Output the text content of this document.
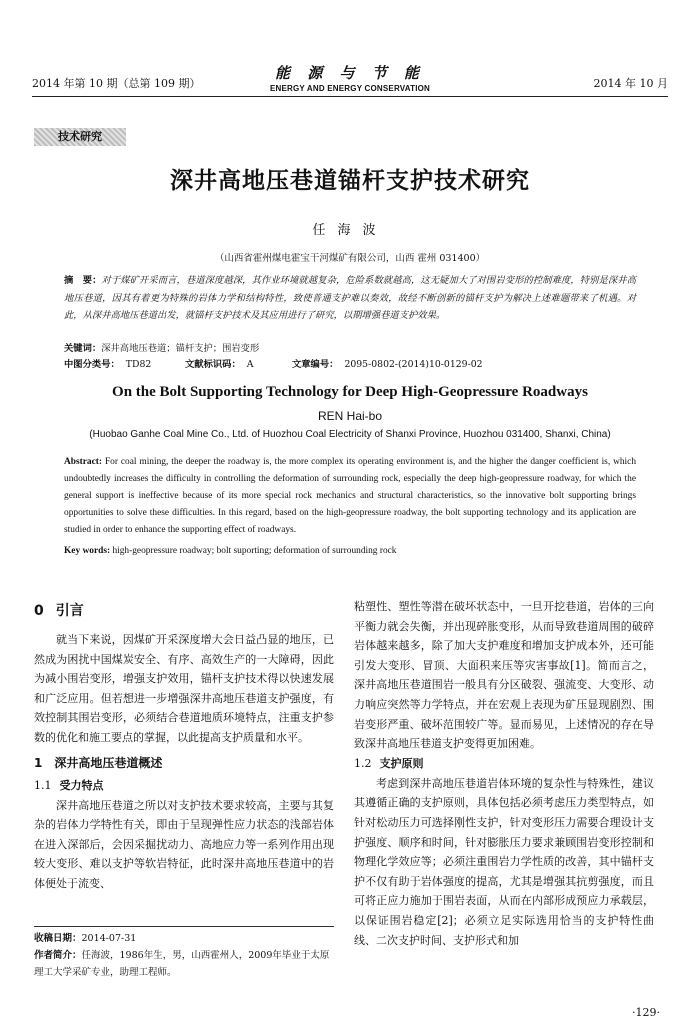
2014 年第 10 期（总第 109 期）
能 源 与 节 能
ENERGY AND ENERGY CONSERVATION	2014 年 10 月
技术研究
深井高地压巷道锚杆支护技术研究
任海波
（山西省霍州煤电霍宝干河煤矿有限公司，山西 霍州 031400）
摘　要：对于煤矿开采而言，巷道深度越深，其作业环境就越复杂，危险系数就越高，这无疑加大了对围岩变形的控制难度，特别是深井高地压巷道，因其有着更为特殊的岩体力学和结构特性，致使普通支护难以奏效，故经不断创新的锚杆支护为解决上述难题带来了机遇。对此，从深井高地压巷道出发，就锚杆支护技术及其应用进行了研究，以期增强巷道支护效果。
关键词：深井高地压巷道；锚杆支护；围岩变形
中图分类号： TD82	文献标识码： A	文章编号： 2095-0802-(2014)10-0129-02
On the Bolt Supporting Technology for Deep High-Geopressure Roadways
REN Hai-bo
(Huobao Ganhe Coal Mine Co., Ltd. of Huozhou Coal Electricity of Shanxi Province, Huozhou 031400, Shanxi, China)
Abstract: For coal mining, the deeper the roadway is, the more complex its operating environment is, and the higher the danger coefficient is, which undoubtedly increases the difficulty in controlling the deformation of surrounding rock, especially the deep high-geopressure roadway, for which the general support is ineffective because of its more special rock mechanics and structural characteristics, so the innovative bolt supporting brings opportunities to solve these difficulties. In this regard, based on the high-geopressure roadway, the bolt supporting technology and its application are studied in order to enhance the supporting effect of roadways.
Key words: high-geopressure roadway; bolt suporting; deformation of surrounding rock
0 引言
就当下来说，因煤矿开采深度增大会日益凸显的地压，已然成为困扰中国煤炭安全、有序、高效生产的一大障碍，因此为减小围岩变形，增强支护效用，锚杆支护技术得以快速发展和广泛应用。但若想进一步增强深井高地压巷道支护强度，有效控制其围岩变形，必须结合巷道地质环境特点，注重支护参数的优化和施工要点的掌握，以此提高支护质量和水平。
1 深井高地压巷道概述
1.1 受力特点
深井高地压巷道之所以对支护技术要求较高，主要与其复杂的岩体力学特性有关，即由于呈现弹性应力状态的浅部岩体在进入深部后，会因采掘扰动力、高地应力等一系列作用出现较大变形、难以支护等软岩特征，此时深井高地压巷道中的岩体便处于流变、
粘塑性、塑性等潜在破坏状态中，一旦开挖巷道，岩体的三向平衡力就会失衡，并出现碎胀变形，从而导致巷道周围的破碎岩体越来越多，除了加大支护难度和增加支护成本外，还可能引发大变形、冒顶、大面积来压等灾害事故[1]。简而言之，深井高地压巷道围岩一般具有分区破裂、强流变、大变形、动力响应突然等力学特点，并在宏观上表现为矿压显现剧烈、围岩变形严重、破坏范围较广等。显而易见，上述情况的存在导致深井高地压巷道支护变得更加困难。
1.2 支护原则
考虑到深井高地压巷道岩体环境的复杂性与特殊性，建议其遵循正确的支护原则，具体包括必须考虑压力类型特点，如针对松动压力可选择刚性支护，针对变形压力需要合理设计支护强度、顺序和时间，针对膨胀压力要求兼顾围岩变形控制和物理化学效应等；必须注重围岩力学性质的改善，其中锚杆支护不仅有助于岩体强度的提高，尤其是增强其抗剪强度，而且可将正应力施加于围岩表面，从而在内部形成预应力承载层，以保证围岩稳定[2]；必须立足实际选用恰当的支护特性曲线、二次支护时间、支护形式和加
收稿日期：2014-07-31
作者简介：任海波，1986年生，男，山西霍州人，2009年毕业于太原理工大学采矿专业，助理工程师。
·129·
